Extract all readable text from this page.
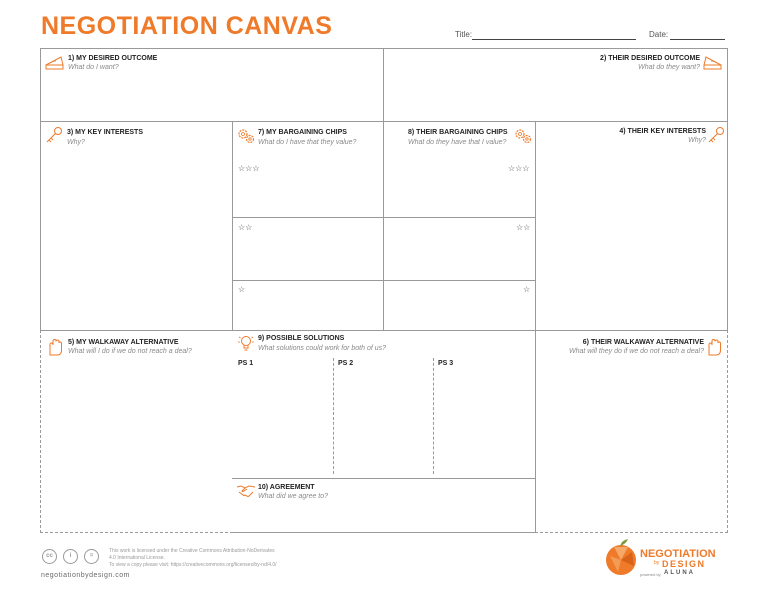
NEGOTIATION CANVAS	Title:	Date:
1) MY DESIRED OUTCOME
What do I want?
2) THEIR DESIRED OUTCOME
What do they want?
3) MY KEY INTERESTS
Why?
4) THEIR KEY INTERESTS
Why?
7) MY BARGAINING CHIPS
What do I have that they value?
8) THEIR BARGAINING CHIPS
What do they have that I value?
☆☆☆
☆☆
☆
☆☆☆
☆☆
☆
5) MY WALKAWAY ALTERNATIVE
What will I do if we do not reach a deal?
6) THEIR WALKAWAY ALTERNATIVE
What will they do if we do not reach a deal?
9) POSSIBLE SOLUTIONS
What solutions could work for both of us?
PS 1	PS 2	PS 3
10) AGREEMENT
What did we agree to?
cc	i	=
This work is licensed under the Creative Commons Attribution-NoDerivates
4.0 International License.
To view a copy please visit: https://creativecommons.org/licenses/by-nd/4.0/
negotiationbydesign.com
NEGOTIATION
by DESIGN
powered by ALUNA
